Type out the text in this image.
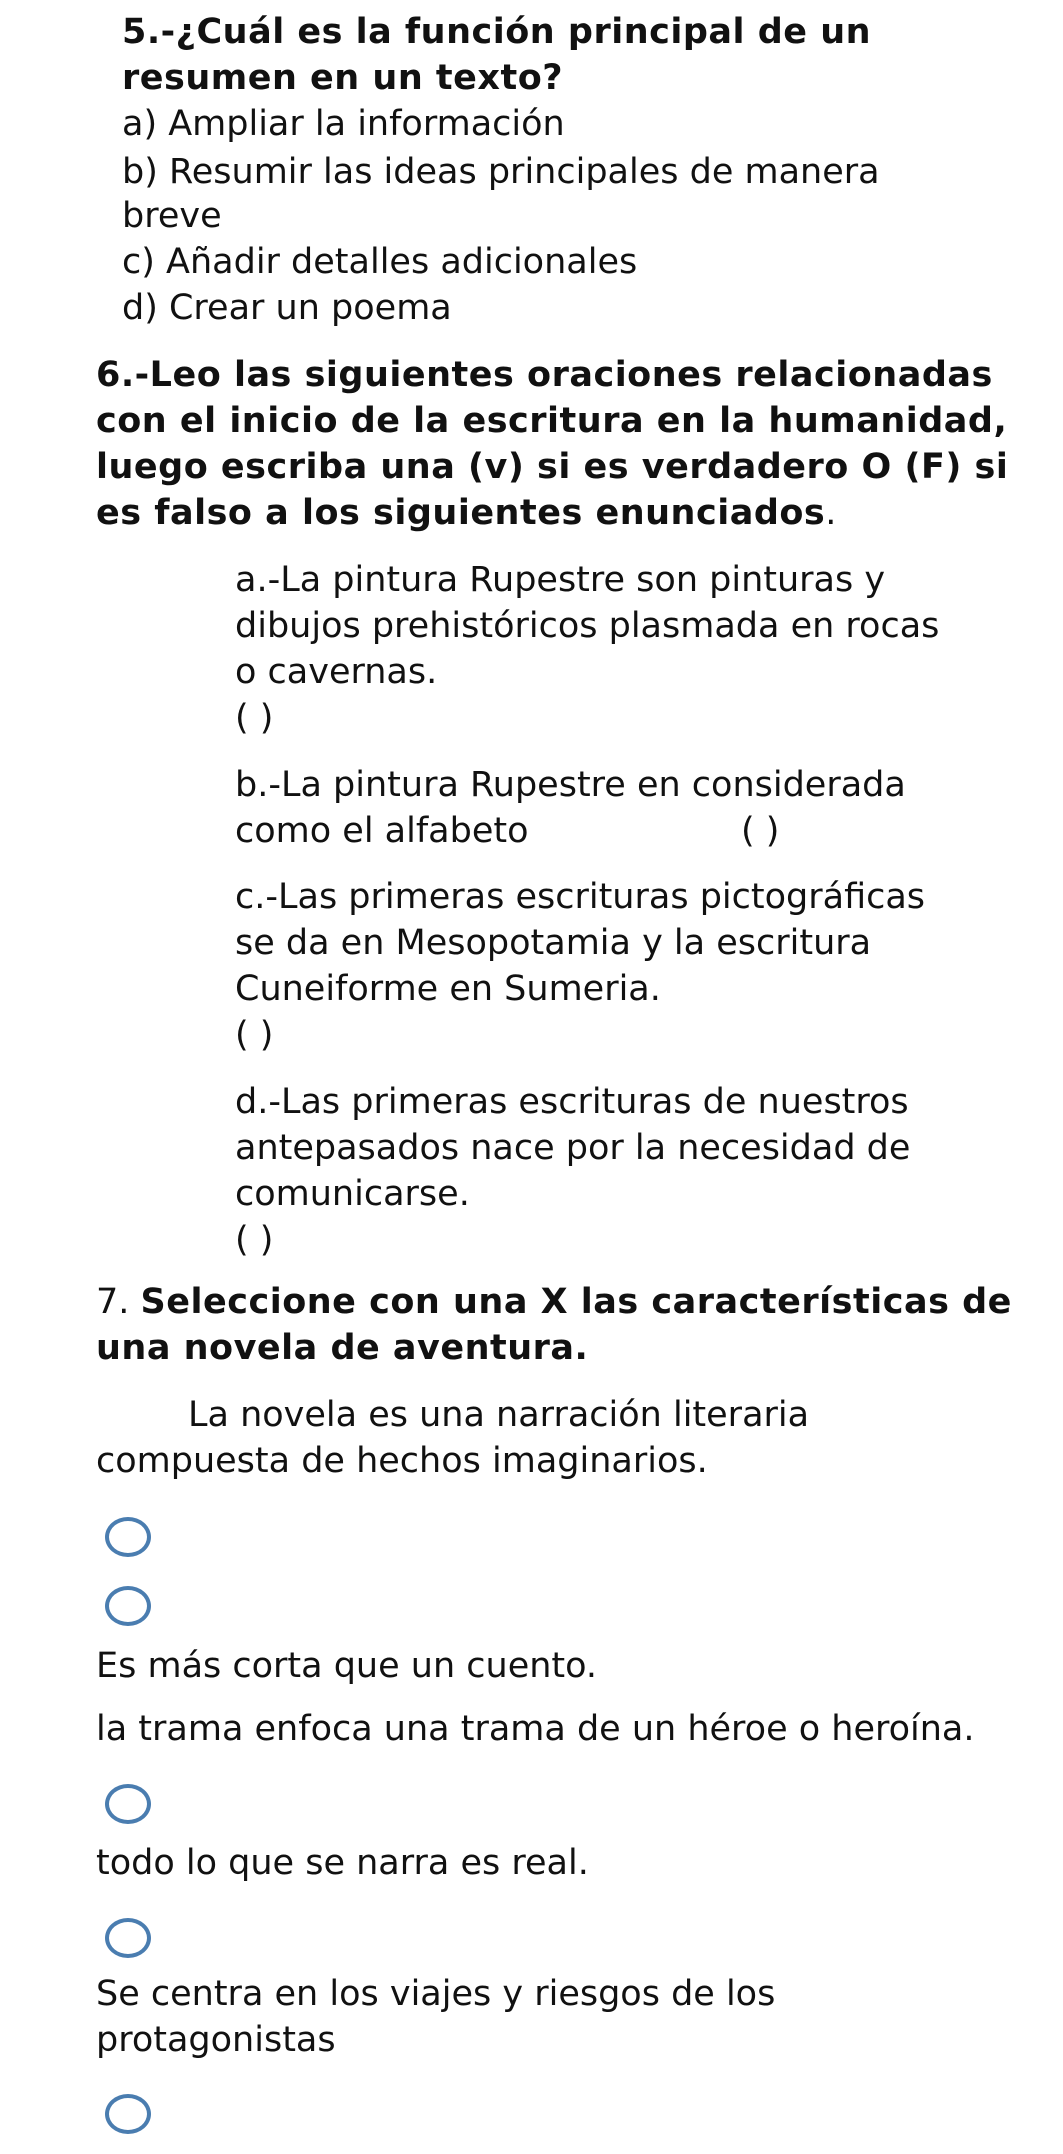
5.-¿Cuál es la función principal de un
resumen en un texto?
a) Ampliar la información
b) Resumir las ideas principales de manera
breve
c) Añadir detalles adicionales
d) Crear un poema
6.-Leo las siguientes oraciones relacionadas
con el inicio de la escritura en la humanidad,
luego escriba una (v) si es verdadero O (F) si
es falso a los siguientes enunciados.
a.-La pintura Rupestre son pinturas y
dibujos prehistóricos plasmada en rocas
o cavernas.
( )
b.-La pintura Rupestre en considerada
como el alfabeto	( )
c.-Las primeras escrituras pictográficas
se da en Mesopotamia y la escritura
Cuneiforme en Sumeria.
( )
d.-Las primeras escrituras de nuestros
antepasados nace por la necesidad de
comunicarse.
( )
7. Seleccione con una X las características de
una novela de aventura.
La novela es una narración literaria
compuesta de hechos imaginarios.
Es más corta que un cuento.
la trama enfoca una trama de un héroe o heroína.
todo lo que se narra es real.
Se centra en los viajes y riesgos de los
protagonistas
